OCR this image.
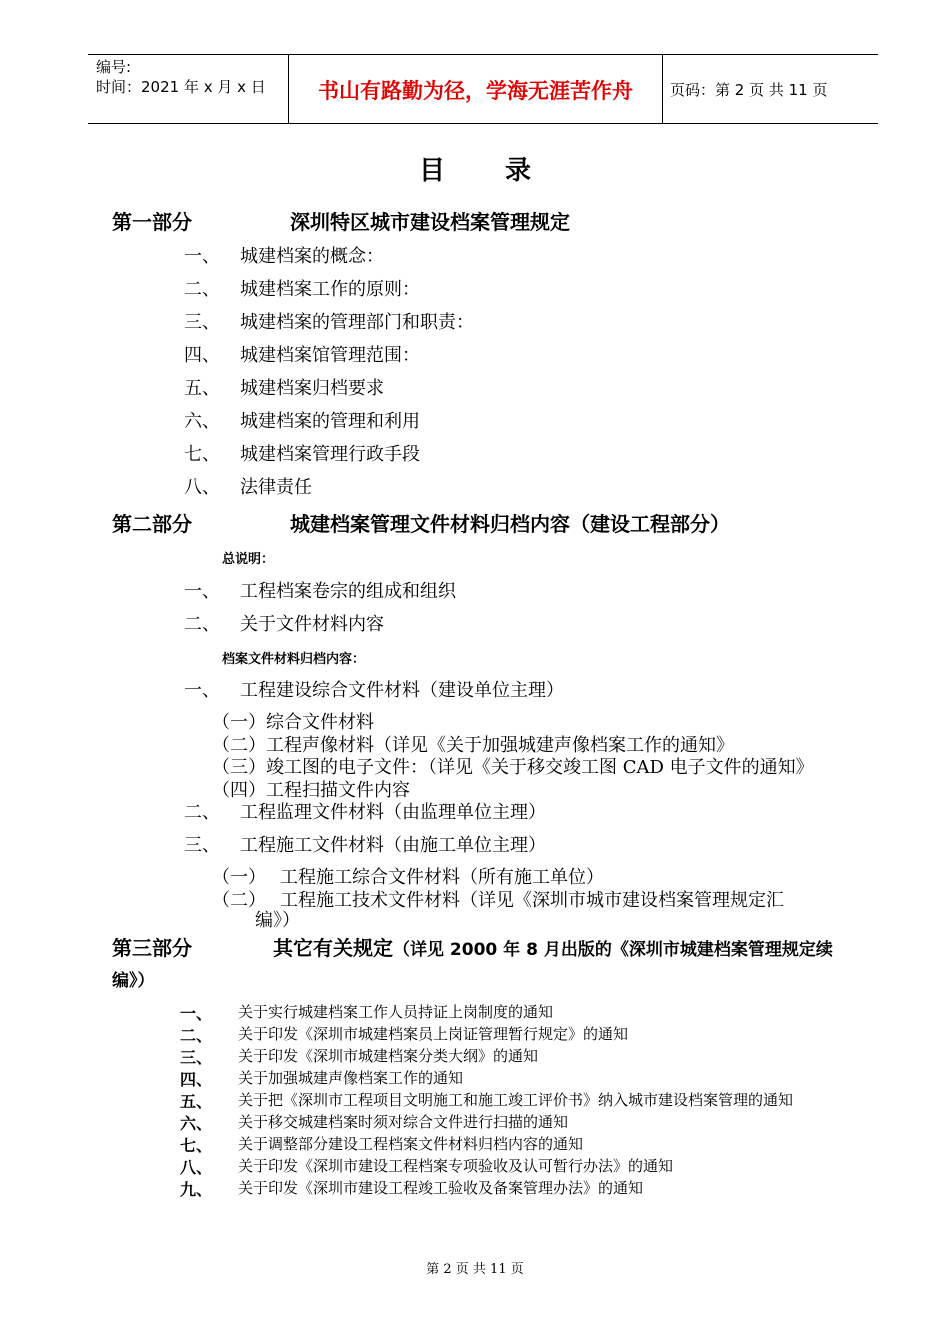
编号:
时间：2021 年 x 月 x 日	书山有路勤为径，学海无涯苦作舟	页码：第 2 页 共 11 页
目录
第一部分	深圳特区城市建设档案管理规定
一、 城建档案的概念：
二、 城建档案工作的原则：
三、 城建档案的管理部门和职责：
四、 城建档案馆管理范围：
五、 城建档案归档要求
六、 城建档案的管理和利用
七、 城建档案管理行政手段
八、 法律责任
第二部分	城建档案管理文件材料归档内容（建设工程部分）
总说明：
一、 工程档案卷宗的组成和组织
二、 关于文件材料内容
档案文件材料归档内容：
一、 工程建设综合文件材料（建设单位主理）
（一）综合文件材料
（二）工程声像材料（详见《关于加强城建声像档案工作的通知》
（三）竣工图的电子文件：（详见《关于移交竣工图 CAD 电子文件的通知》
（四）工程扫描文件内容
二、 工程监理文件材料（由监理单位主理）
三、 工程施工文件材料（由施工单位主理）
（一） 工程施工综合文件材料（所有施工单位）
（二） 工程施工技术文件材料（详见《深圳市城市建设档案管理规定汇
编》）
第三部分	其它有关规定（详见 2000 年 8 月出版的《深圳市城建档案管理规定续
编》）
一、 关于实行城建档案工作人员持证上岗制度的通知
二、 关于印发《深圳市城建档案员上岗证管理暂行规定》的通知
三、 关于印发《深圳市城建档案分类大纲》的通知
四、 关于加强城建声像档案工作的通知
五、 关于把《深圳市工程项目文明施工和施工竣工评价书》纳入城市建设档案管理的通知
六、 关于移交城建档案时须对综合文件进行扫描的通知
七、 关于调整部分建设工程档案文件材料归档内容的通知
八、 关于印发《深圳市建设工程档案专项验收及认可暂行办法》的通知
九、 关于印发《深圳市建设工程竣工验收及备案管理办法》的通知
第 2 页 共 11 页
